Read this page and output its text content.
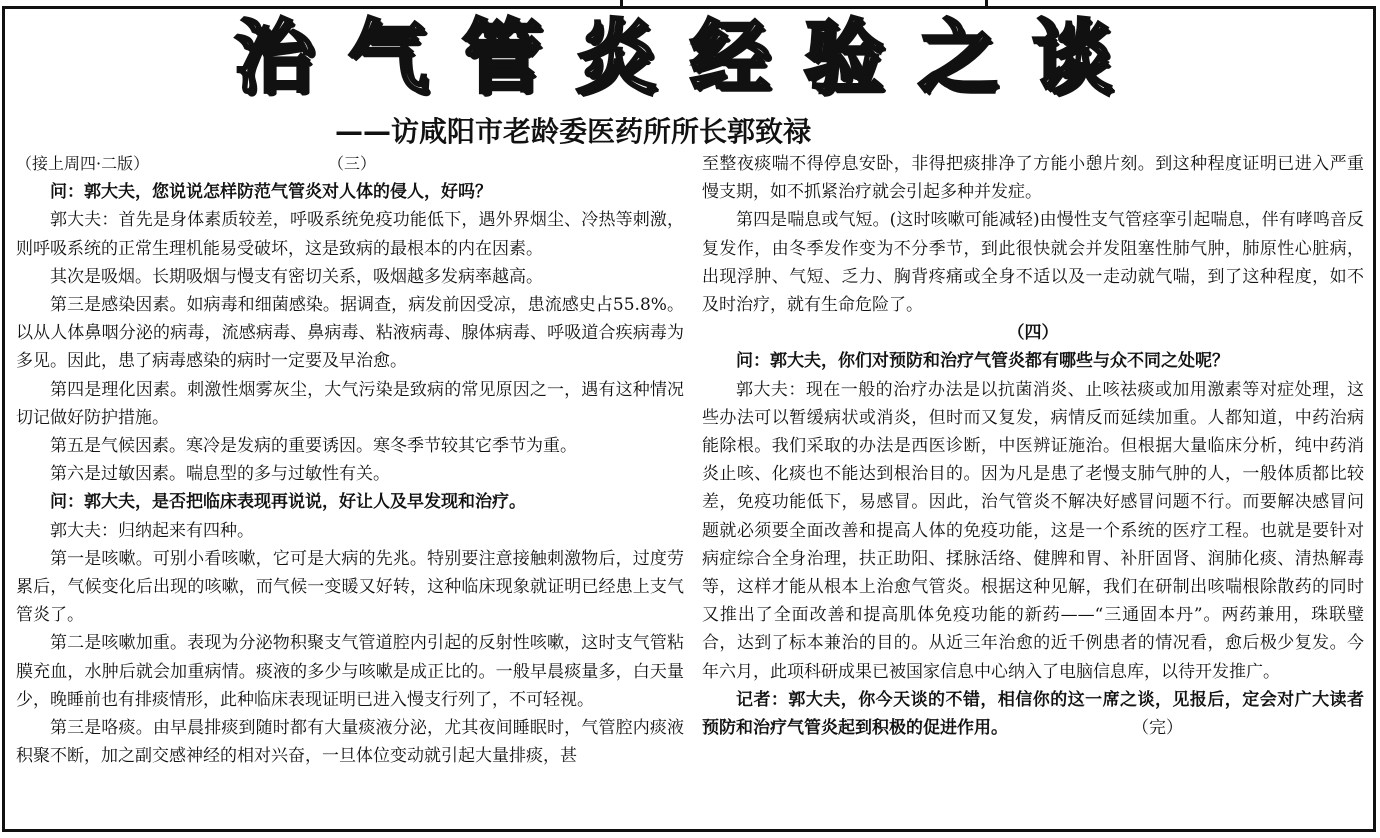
治气管炎经验之谈
——访咸阳市老龄委医药所所长郭致禄
（接上周四·二版）	（三）

问：郭大夫，您说说怎样防范气管炎对人体的侵人，好吗？

郭大夫：首先是身体素质较差，呼吸系统免疫功能低下，遇外界烟尘、冷热等刺激，则呼吸系统的正常生理机能易受破坏，这是致病的最根本的内在因素。

其次是吸烟。长期吸烟与慢支有密切关系，吸烟越多发病率越高。

第三是感染因素。如病毒和细菌感染。据调查，病发前因受凉，患流感史占55.8%。以从人体鼻咽分泌的病毒，流感病毒、鼻病毒、粘液病毒、腺体病毒、呼吸道合疾病毒为多见。因此，患了病毒感染的病时一定要及早治愈。

第四是理化因素。刺激性烟雾灰尘，大气污染是致病的常见原因之一，遇有这种情况切记做好防护措施。

第五是气候因素。寒冷是发病的重要诱因。寒冬季节较其它季节为重。

第六是过敏因素。喘息型的多与过敏性有关。

问：郭大夫，是否把临床表现再说说，好让人及早发现和治疗。

郭大夫：归纳起来有四种。

第一是咳嗽。可别小看咳嗽，它可是大病的先兆。特别要注意接触刺激物后，过度劳累后，气候变化后出现的咳嗽，而气候一变暖又好转，这种临床现象就证明已经患上支气管炎了。

第二是咳嗽加重。表现为分泌物积聚支气管道腔内引起的反射性咳嗽，这时支气管粘膜充血，水肿后就会加重病情。痰液的多少与咳嗽是成正比的。一般早晨痰量多，白天量少，晚睡前也有排痰情形，此种临床表现证明已进入慢支行列了，不可轻视。

第三是咯痰。由早晨排痰到随时都有大量痰液分泌，尤其夜间睡眠时，气管腔内痰液积聚不断，加之副交感神经的相对兴奋，一旦体位变动就引起大量排痰，甚

至整夜痰喘不得停息安卧，非得把痰排净了方能小憩片刻。到这种程度证明已进入严重慢支期，如不抓紧治疗就会引起多种并发症。

第四是喘息或气短。(这时咳嗽可能减轻)由慢性支气管痉挛引起喘息，伴有哮鸣音反复发作，由冬季发作变为不分季节，到此很快就会并发阻塞性肺气肿，肺原性心脏病，出现浮肿、气短、乏力、胸背疼痛或全身不适以及一走动就气喘，到了这种程度，如不及时治疗，就有生命危险了。

（四）

问：郭大夫，你们对预防和治疗气管炎都有哪些与众不同之处呢？

郭大夫：现在一般的治疗办法是以抗菌消炎、止咳祛痰或加用激素等对症处理，这些办法可以暂缓病状或消炎，但时而又复发，病情反而延续加重。人都知道，中药治病能除根。我们采取的办法是西医诊断，中医辨证施治。但根据大量临床分析，纯中药消炎止咳、化痰也不能达到根治目的。因为凡是患了老慢支肺气肿的人，一般体质都比较差，免疫功能低下，易感冒。因此，治气管炎不解决好感冒问题不行。而要解决感冒问题就必须要全面改善和提高人体的免疫功能，这是一个系统的医疗工程。也就是要针对病症综合全身治理，扶正助阳、揉脉活络、健脾和胃、补肝固肾、润肺化痰、清热解毒等，这样才能从根本上治愈气管炎。根据这种见解，我们在研制出咳喘根除散药的同时又推出了全面改善和提高肌体免疫功能的新药——“三通固本丹”。两药兼用，珠联璧合，达到了标本兼治的目的。从近三年治愈的近千例患者的情况看，愈后极少复发。今年六月，此项科研成果已被国家信息中心纳入了电脑信息库，以待开发推广。

记者：郭大夫，你今天谈的不错，相信你的这一席之谈，见报后，定会对广大读者预防和治疗气管炎起到积极的促进作用。	（完）
